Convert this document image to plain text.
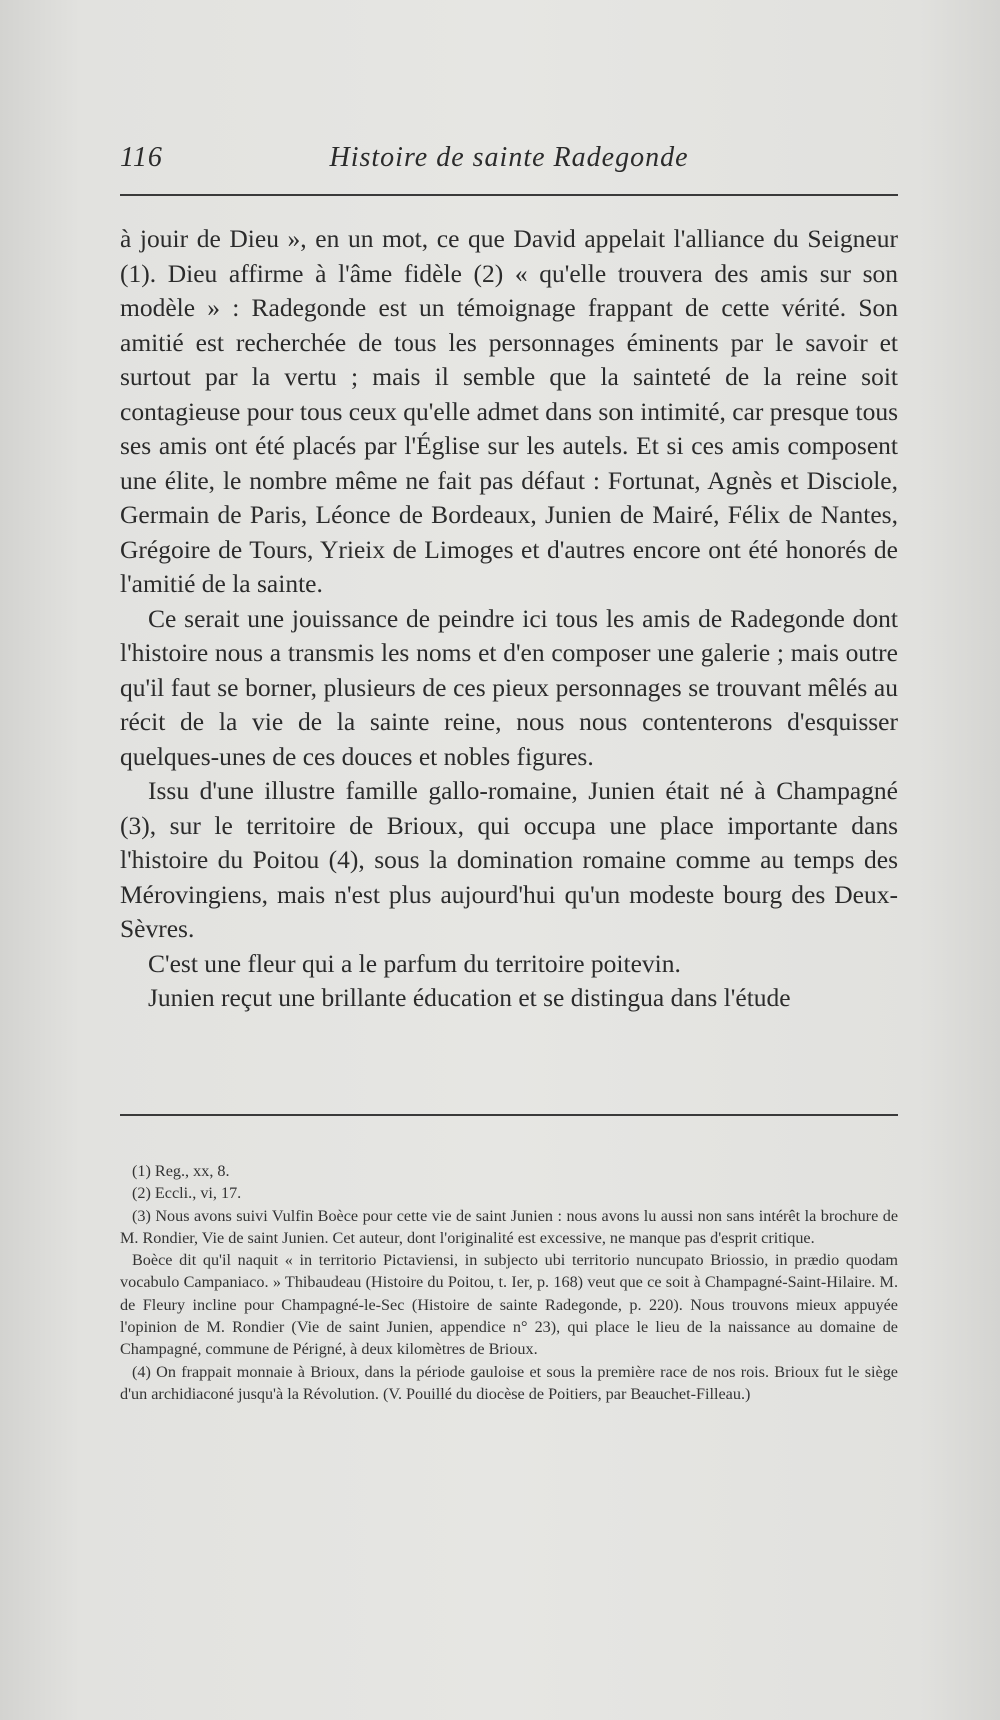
116	Histoire de sainte Radegonde

à jouir de Dieu », en un mot, ce que David appelait l'alliance du Seigneur (1). Dieu affirme à l'âme fidèle (2) « qu'elle trouvera des amis sur son modèle » : Radegonde est un témoignage frappant de cette vérité. Son amitié est recherchée de tous les personnages éminents par le savoir et surtout par la vertu ; mais il semble que la sainteté de la reine soit contagieuse pour tous ceux qu'elle admet dans son intimité, car presque tous ses amis ont été placés par l'Église sur les autels. Et si ces amis composent une élite, le nombre même ne fait pas défaut : Fortunat, Agnès et Disciole, Germain de Paris, Léonce de Bordeaux, Junien de Mairé, Félix de Nantes, Grégoire de Tours, Yrieix de Limoges et d'autres encore ont été honorés de l'amitié de la sainte.

Ce serait une jouissance de peindre ici tous les amis de Radegonde dont l'histoire nous a transmis les noms et d'en composer une galerie ; mais outre qu'il faut se borner, plusieurs de ces pieux personnages se trouvant mêlés au récit de la vie de la sainte reine, nous nous contenterons d'esquisser quelques-unes de ces douces et nobles figures.

Issu d'une illustre famille gallo-romaine, Junien était né à Champagné (3), sur le territoire de Brioux, qui occupa une place importante dans l'histoire du Poitou (4), sous la domination romaine comme au temps des Mérovingiens, mais n'est plus aujourd'hui qu'un modeste bourg des Deux-Sèvres.

C'est une fleur qui a le parfum du territoire poitevin.

Junien reçut une brillante éducation et se distingua dans l'étude

(1) Reg., xx, 8.

(2) Eccli., vi, 17.

(3) Nous avons suivi Vulfin Boèce pour cette vie de saint Junien : nous avons lu aussi non sans intérêt la brochure de M. Rondier, Vie de saint Junien. Cet auteur, dont l'originalité est excessive, ne manque pas d'esprit critique.

Boèce dit qu'il naquit « in territorio Pictaviensi, in subjecto ubi territorio nuncupato Briossio, in prædio quodam vocabulo Campaniaco. » Thibaudeau (Histoire du Poitou, t. Ier, p. 168) veut que ce soit à Champagné-Saint-Hilaire. M. de Fleury incline pour Champagné-le-Sec (Histoire de sainte Radegonde, p. 220). Nous trouvons mieux appuyée l'opinion de M. Rondier (Vie de saint Junien, appendice n° 23), qui place le lieu de la naissance au domaine de Champagné, commune de Périgné, à deux kilomètres de Brioux.

(4) On frappait monnaie à Brioux, dans la période gauloise et sous la première race de nos rois. Brioux fut le siège d'un archidiaconé jusqu'à la Révolution. (V. Pouillé du diocèse de Poitiers, par Beauchet-Filleau.)
